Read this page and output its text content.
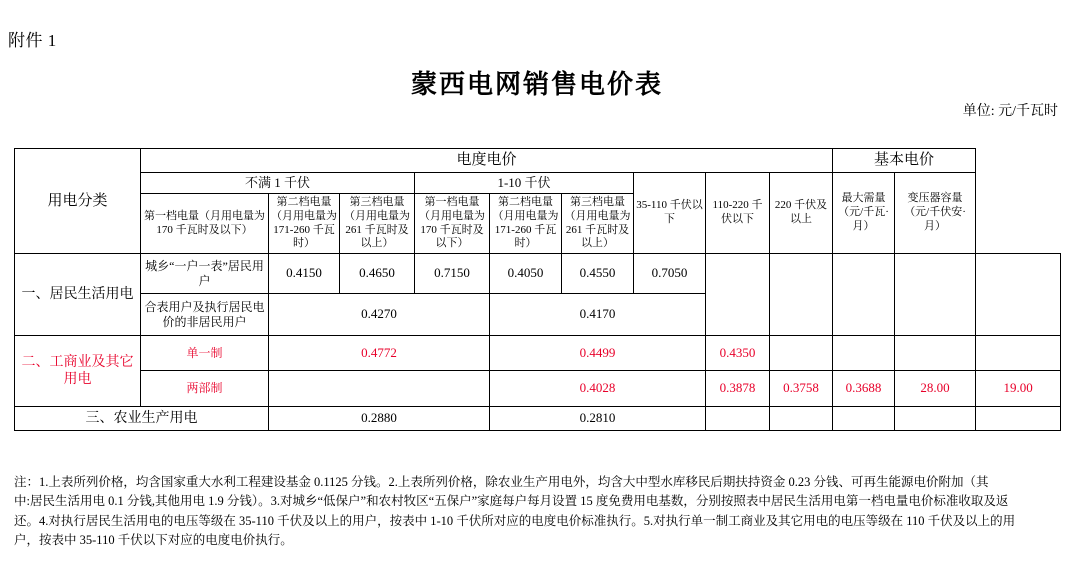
附件 1
蒙西电网销售电价表
单位: 元/千瓦时
用电分类	电度电价									基本电价		
	不满 1 千伏			1-10 千伏			35-110 千伏以下	110-220 千伏以下	220 千伏及以上	最大需量（元/千瓦·月）	变压器容量（元/千伏安·月）	
	第一档电量（月用电量为 170 千瓦时及以下）	第二档电量（月用电量为 171-260 千瓦时）	第三档电量（月用电量为 261 千瓦时及以上）	第一档电量（月用电量为 170 千瓦时及以下）	第二档电量（月用电量为 171-260 千瓦时）	第三档电量（月用电量为 261 千瓦时及以上）						

一、居民生活用电	城乡“一户一表”居民用户	0.4150	0.4650	0.7150	0.4050	0.4550	0.7050					
	合表用户及执行居民电价的非居民用户	0.4270			0.4170							
二、工商业及其它用电	单一制	0.4772			0.4499			0.4350				
	两部制				0.4028			0.3878	0.3758	0.3688	28.00	19.00
三、农业生产用电		0.2880			0.2810							

注：1.上表所列价格，均含国家重大水利工程建设基金 0.1125 分钱。2.上表所列价格，除农业生产用电外，均含大中型水库移民后期扶持资金 0.23 分钱、可再生能源电价附加（其

中:居民生活用电 0.1 分钱,其他用电 1.9 分钱）。3.对城乡“低保户”和农村牧区“五保户”家庭每户每月设置 15 度免费用电基数，分别按照表中居民生活用电第一档电量电价标准收取及返

还。4.对执行居民生活用电的电压等级在 35-110 千伏及以上的用户，按表中 1-10 千伏所对应的电度电价标准执行。5.对执行单一制工商业及其它用电的电压等级在 110 千伏及以上的用

户，按表中 35-110 千伏以下对应的电度电价执行。
